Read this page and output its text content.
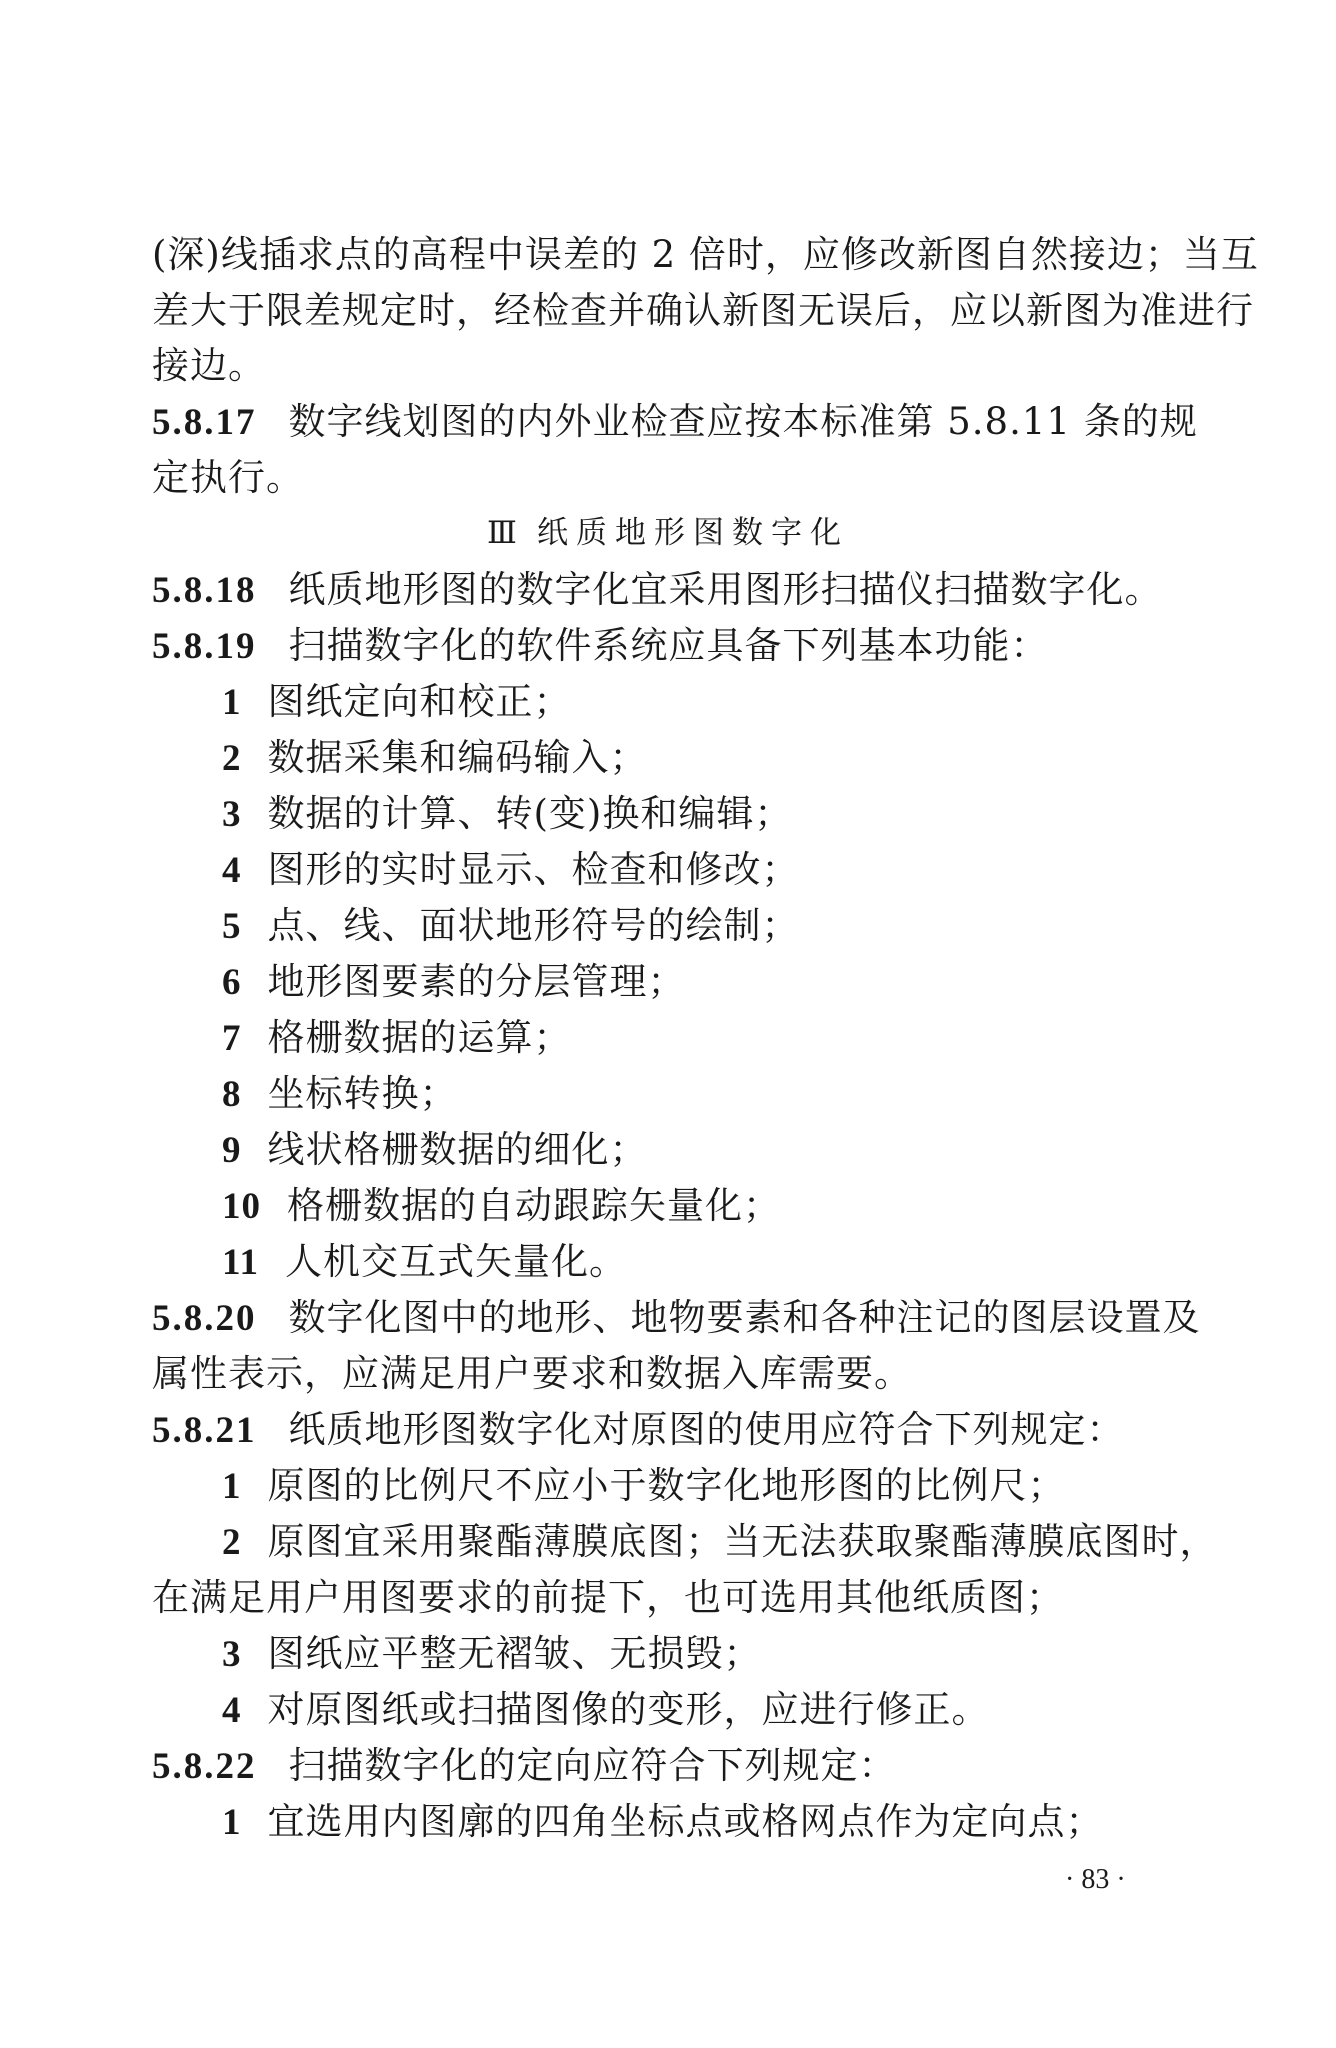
(深)线插求点的高程中误差的 2 倍时，应修改新图自然接边；当互
差大于限差规定时，经检查并确认新图无误后，应以新图为准进行
接边。
5.8.17 数字线划图的内外业检查应按本标准第 5.8.11 条的规
定执行。
Ⅲ 纸质地形图数字化
5.8.18 纸质地形图的数字化宜采用图形扫描仪扫描数字化。
5.8.19 扫描数字化的软件系统应具备下列基本功能：
1 图纸定向和校正；
2 数据采集和编码输入；
3 数据的计算、转(变)换和编辑；
4 图形的实时显示、检查和修改；
5 点、线、面状地形符号的绘制；
6 地形图要素的分层管理；
7 格栅数据的运算；
8 坐标转换；
9 线状格栅数据的细化；
10 格栅数据的自动跟踪矢量化；
11 人机交互式矢量化。
5.8.20 数字化图中的地形、地物要素和各种注记的图层设置及
属性表示，应满足用户要求和数据入库需要。
5.8.21 纸质地形图数字化对原图的使用应符合下列规定：
1 原图的比例尺不应小于数字化地形图的比例尺；
2 原图宜采用聚酯薄膜底图；当无法获取聚酯薄膜底图时，
在满足用户用图要求的前提下，也可选用其他纸质图；
3 图纸应平整无褶皱、无损毁；
4 对原图纸或扫描图像的变形，应进行修正。
5.8.22 扫描数字化的定向应符合下列规定：
1 宜选用内图廓的四角坐标点或格网点作为定向点；
· 83 ·
